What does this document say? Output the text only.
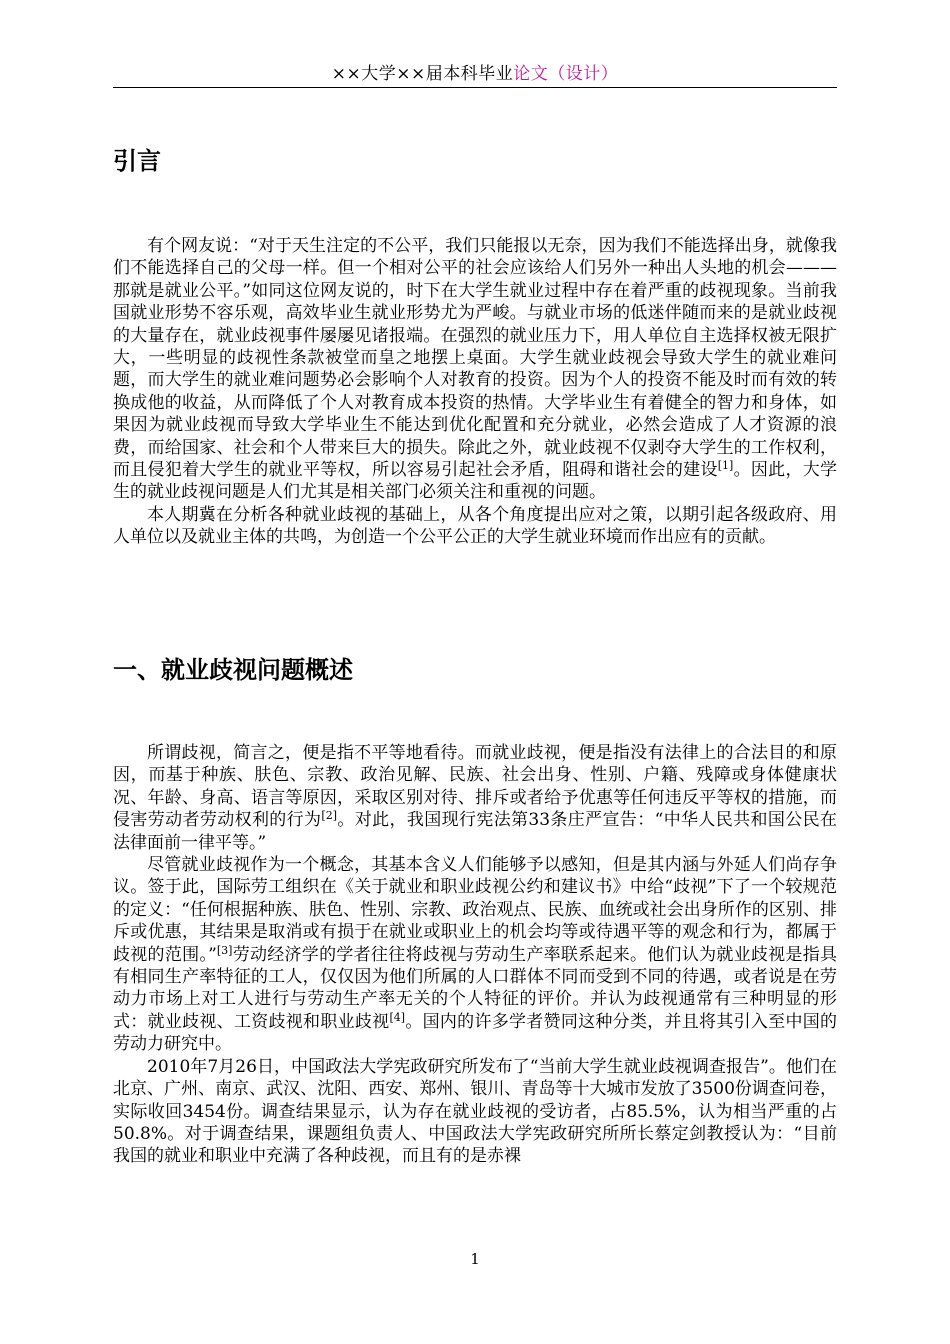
××大学××届本科毕业论文（设计）
引言

有个网友说：“对于天生注定的不公平，我们只能报以无奈，因为我们不能选择出身，就像我们不能选择自己的父母一样。但一个相对公平的社会应该给人们另外一种出人头地的机会———那就是就业公平。”如同这位网友说的，时下在大学生就业过程中存在着严重的歧视现象。当前我国就业形势不容乐观，高效毕业生就业形势尤为严峻。与就业市场的低迷伴随而来的是就业歧视的大量存在，就业歧视事件屡屡见诸报端。在强烈的就业压力下，用人单位自主选择权被无限扩大，一些明显的歧视性条款被堂而皇之地摆上桌面。大学生就业歧视会导致大学生的就业难问题，而大学生的就业难问题势必会影响个人对教育的投资。因为个人的投资不能及时而有效的转换成他的收益，从而降低了个人对教育成本投资的热情。大学毕业生有着健全的智力和身体，如果因为就业歧视而导致大学毕业生不能达到优化配置和充分就业，必然会造成了人才资源的浪费，而给国家、社会和个人带来巨大的损失。除此之外，就业歧视不仅剥夺大学生的工作权利，而且侵犯着大学生的就业平等权，所以容易引起社会矛盾，阻碍和谐社会的建设[1]。因此，大学生的就业歧视问题是人们尤其是相关部门必须关注和重视的问题。

本人期冀在分析各种就业歧视的基础上，从各个角度提出应对之策，以期引起各级政府、用人单位以及就业主体的共鸣，为创造一个公平公正的大学生就业环境而作出应有的贡献。

一、就业歧视问题概述

所谓歧视，简言之，便是指不平等地看待。而就业歧视，便是指没有法律上的合法目的和原因，而基于种族、肤色、宗教、政治见解、民族、社会出身、性别、户籍、残障或身体健康状况、年龄、身高、语言等原因，采取区别对待、排斥或者给予优惠等任何违反平等权的措施，而侵害劳动者劳动权利的行为[2]。对此，我国现行宪法第33条庄严宣告：“中华人民共和国公民在法律面前一律平等。”

尽管就业歧视作为一个概念，其基本含义人们能够予以感知，但是其内涵与外延人们尚存争议。签于此，国际劳工组织在《关于就业和职业歧视公约和建议书》中给“歧视”下了一个较规范的定义：“任何根据种族、肤色、性别、宗教、政治观点、民族、血统或社会出身所作的区别、排斥或优惠，其结果是取消或有损于在就业或职业上的机会均等或待遇平等的观念和行为，都属于歧视的范围。”[3]劳动经济学的学者往往将歧视与劳动生产率联系起来。他们认为就业歧视是指具有相同生产率特征的工人，仅仅因为他们所属的人口群体不同而受到不同的待遇，或者说是在劳动力市场上对工人进行与劳动生产率无关的个人特征的评价。并认为歧视通常有三种明显的形式：就业歧视、工资歧视和职业歧视[4]。国内的许多学者赞同这种分类，并且将其引入至中国的劳动力研究中。

2010年7月26日，中国政法大学宪政研究所发布了“当前大学生就业歧视调查报告”。他们在北京、广州、南京、武汉、沈阳、西安、郑州、银川、青岛等十大城市发放了3500份调查问卷，实际收回3454份。调查结果显示，认为存在就业歧视的受访者，占85.5%，认为相当严重的占50.8%。对于调查结果，课题组负责人、中国政法大学宪政研究所所长蔡定剑教授认为：“目前我国的就业和职业中充满了各种歧视，而且有的是赤裸

1
